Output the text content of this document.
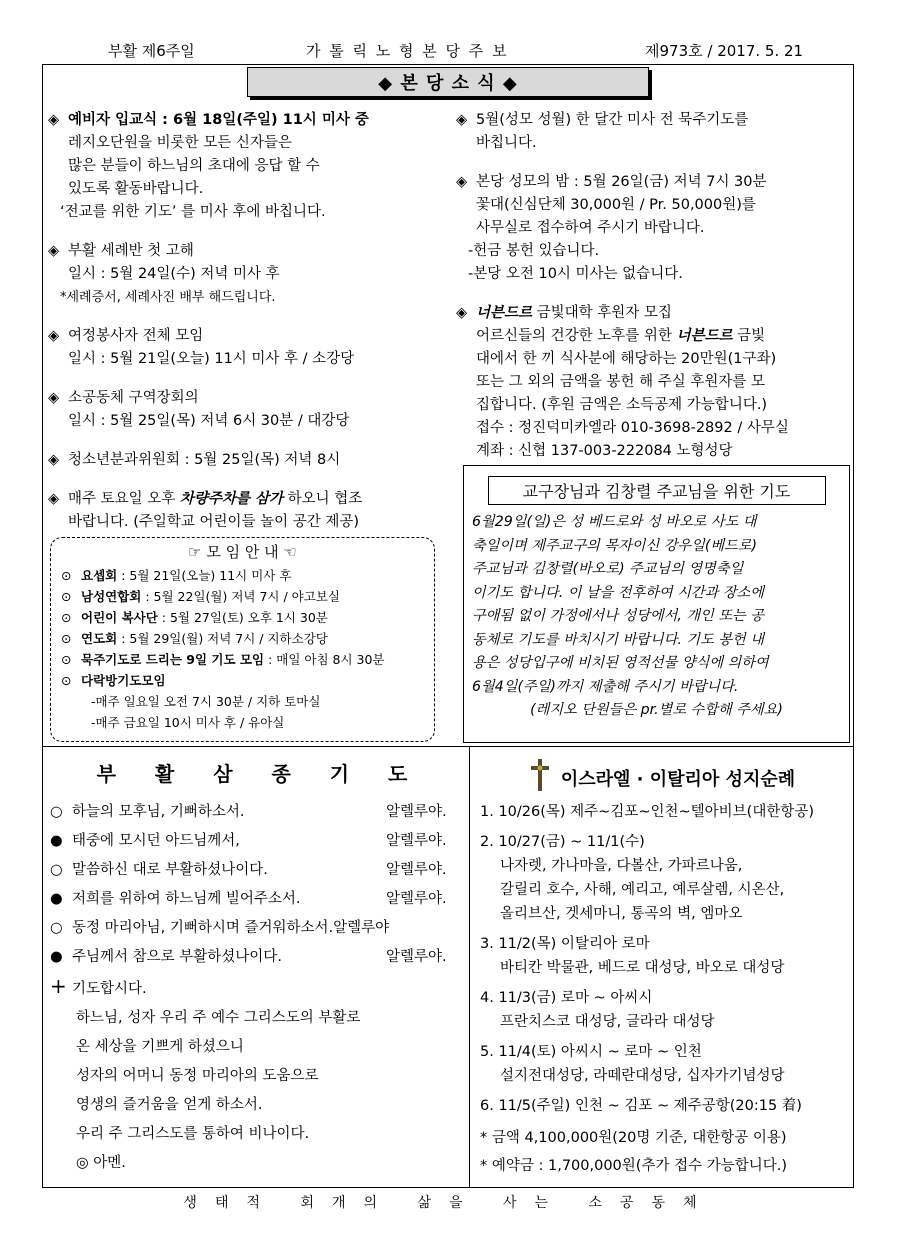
부활 제6주일	가 톨 릭 노 형 본 당 주 보	제973호 / 2017. 5. 21
◆ 본 당 소 식 ◆
◈ 예비자 입교식 : 6월 18일(주일) 11시 미사 중
레지오단원을 비롯한 모든 신자들은
많은 분들이 하느님의 초대에 응답 할 수
있도록 활동바랍니다.
‘전교를 위한 기도’ 를 미사 후에 바칩니다.
◈ 부활 세례반 첫 고해
일시 : 5월 24일(수) 저녁 미사 후
*세례증서, 세례사진 배부 해드립니다.
◈ 여정봉사자 전체 모임
일시 : 5월 21일(오늘) 11시 미사 후 / 소강당
◈ 소공동체 구역장회의
일시 : 5월 25일(목) 저녁 6시 30분 / 대강당
◈ 청소년분과위원회 : 5월 25일(목) 저녁 8시
◈ 매주 토요일 오후 차량주차를 삼가 하오니 협조
바랍니다. (주일학교 어린이들 놀이 공간 제공)
☞ 모 임 안 내 ☜
⊙ 요셉회 : 5월 21일(오늘) 11시 미사 후
⊙ 남성연합회 : 5월 22일(월) 저녁 7시 / 야고보실
⊙ 어린이 복사단 : 5월 27일(토) 오후 1시 30분
⊙ 연도회 : 5월 29일(월) 저녁 7시 / 지하소강당
⊙ 묵주기도로 드리는 9일 기도 모임 : 매일 아침 8시 30분
⊙ 다락방기도모임
-매주 일요일 오전 7시 30분 / 지하 토마실
-매주 금요일 10시 미사 후 / 유아실
◈ 5월(성모 성월) 한 달간 미사 전 묵주기도를
바칩니다.
◈ 본당 성모의 밤 : 5월 26일(금) 저녁 7시 30분
꽃대(신심단체 30,000원 / Pr. 50,000원)를
사무실로 접수하여 주시기 바랍니다.
-헌금 봉헌 있습니다.
-본당 오전 10시 미사는 없습니다.
◈ 너븐드르 금빛대학 후원자 모집
어르신들의 건강한 노후를 위한 너븐드르 금빛
대에서 한 끼 식사분에 해당하는 20만원(1구좌)
또는 그 외의 금액을 봉헌 해 주실 후원자를 모
집합니다. (후원 금액은 소득공제 가능합니다.)
접수 : 정진덕미카엘라 010-3698-2892 / 사무실
계좌 : 신협 137-003-222084 노형성당
교구장님과 김창렬 주교님을 위한 기도
6월29일(일)은 성 베드로와 성 바오로 사도 대
축일이며 제주교구의 목자이신 강우일(베드로)
주교님과 김창렬(바오로) 주교님의 영명축일
이기도 합니다. 이 날을 전후하여 시간과 장소에
구애됨 없이 가정에서나 성당에서, 개인 또는 공
동체로 기도를 바치시기 바랍니다. 기도 봉헌 내
용은 성당입구에 비치된 영적선물 양식에 의하여
6월4일(주일)까지 제출해 주시기 바랍니다.
(레지오 단원들은 pr.별로 수합해 주세요)
부 활 삼 종 기 도
○ 하늘의 모후님, 기뻐하소서.	알렐루야.
● 태중에 모시던 아드님께서,	알렐루야.
○ 말씀하신 대로 부활하셨나이다.	알렐루야.
● 저희를 위하여 하느님께 빌어주소서.	알렐루야.
○ 동정 마리아님, 기뻐하시며 즐거워하소서.알렐루야
● 주님께서 참으로 부활하셨나이다.	알렐루야.
+ 기도합시다.
하느님, 성자 우리 주 예수 그리스도의 부활로
온 세상을 기쁘게 하셨으니
성자의 어머니 동정 마리아의 도움으로
영생의 즐거움을 얻게 하소서.
우리 주 그리스도를 통하여 비나이다.
◎ 아멘.
이스라엘 · 이탈리아 성지순례
1. 10/26(목) 제주~김포~인천~텔아비브(대한항공)
2. 10/27(금) ~ 11/1(수)
나자렛, 가나마을, 다볼산, 가파르나움,
갈릴리 호수, 사해, 예리고, 예루살렘, 시온산,
올리브산, 겟세마니, 통곡의 벽, 엠마오
3. 11/2(목) 이탈리아 로마
바티칸 박물관, 베드로 대성당, 바오로 대성당
4. 11/3(금) 로마 ~ 아씨시
프란치스코 대성당, 글라라 대성당
5. 11/4(토) 아씨시 ~ 로마 ~ 인천
설지전대성당, 라떼란대성당, 십자가기념성당
6. 11/5(주일) 인천 ~ 김포 ~ 제주공항(20:15 着)
* 금액 4,100,000원(20명 기준, 대한항공 이용)
* 예약금 : 1,700,000원(추가 접수 가능합니다.)
생태적 회개의 삶을 사는 소공동체
